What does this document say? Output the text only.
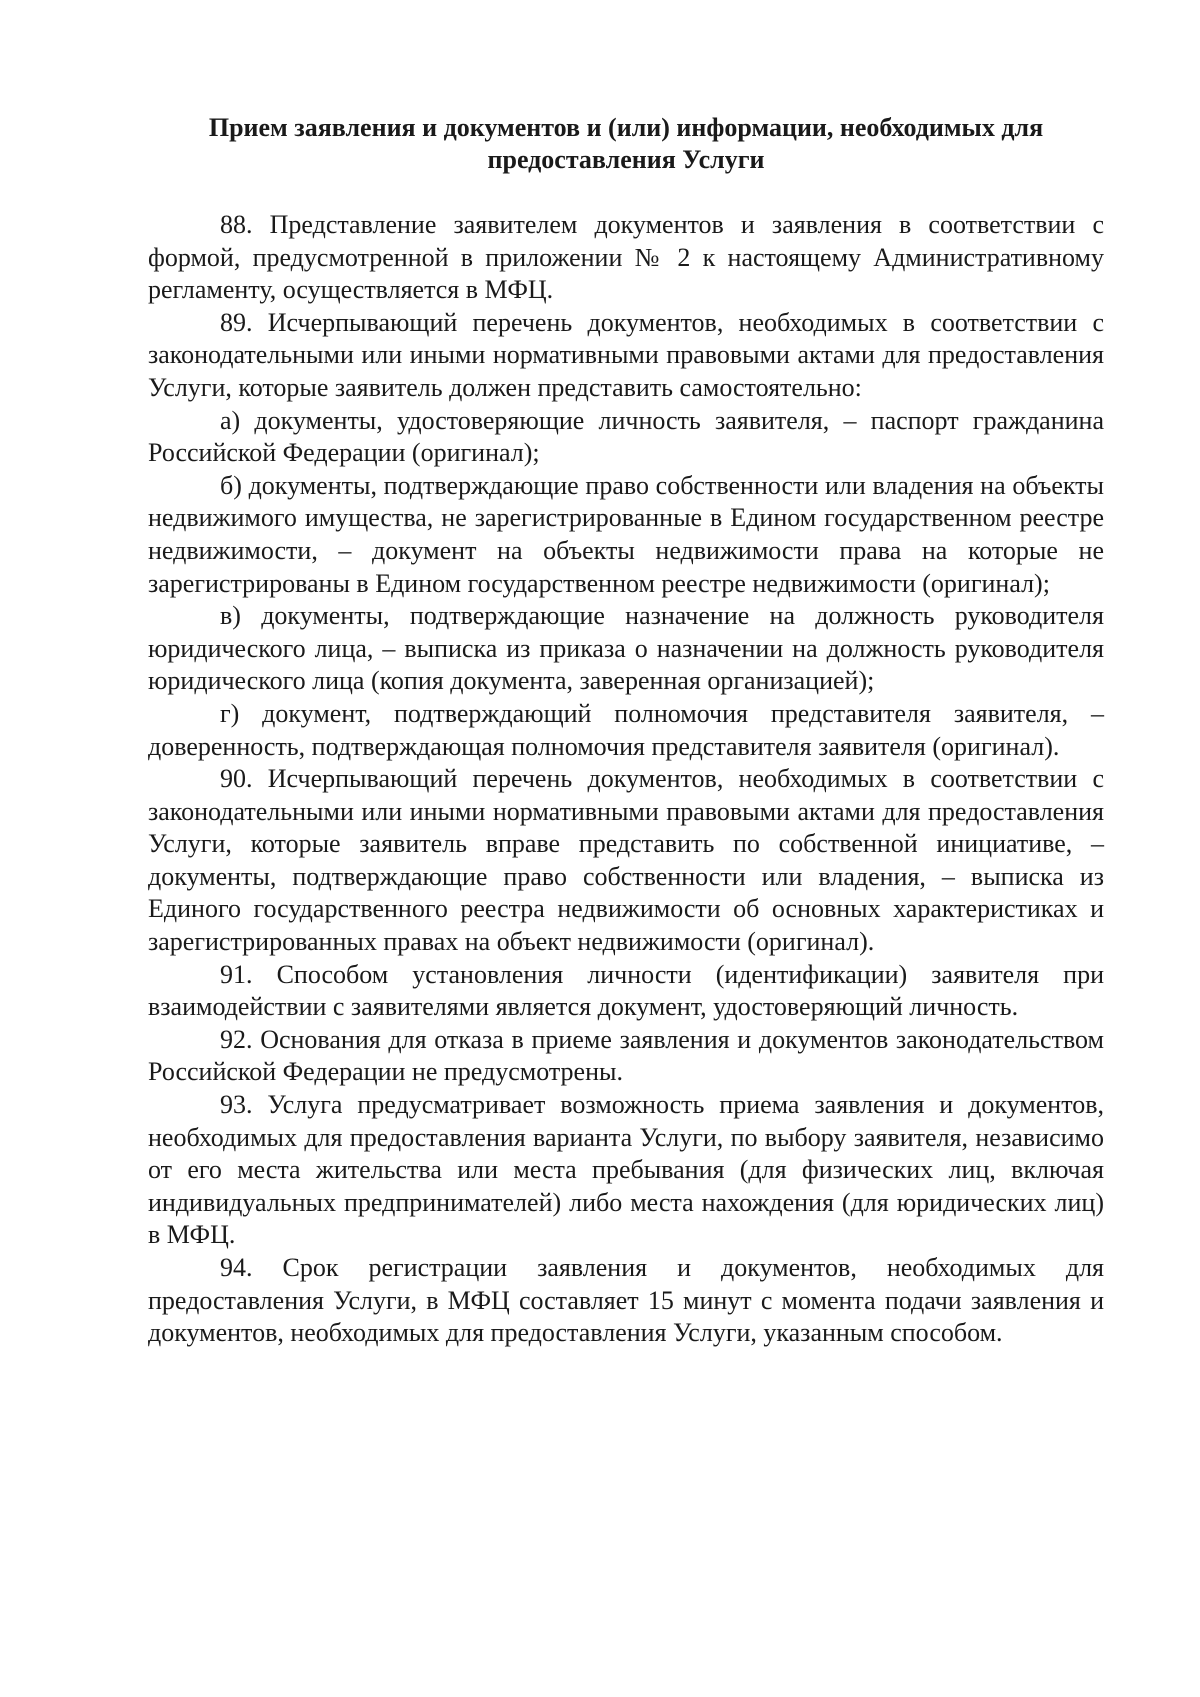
Прием заявления и документов и (или) информации, необходимых для
предоставления Услуги

88. Представление заявителем документов и заявления в соответствии с формой, предусмотренной в приложении № 2 к настоящему Административному регламенту, осуществляется в МФЦ.

89. Исчерпывающий перечень документов, необходимых в соответствии с законодательными или иными нормативными правовыми актами для предоставления Услуги, которые заявитель должен представить самостоятельно:

а) документы, удостоверяющие личность заявителя, – паспорт гражданина Российской Федерации (оригинал);

б) документы, подтверждающие право собственности или владения на объекты недвижимого имущества, не зарегистрированные в Едином государственном реестре недвижимости, – документ на объекты недвижимости права на которые не зарегистрированы в Едином государственном реестре недвижимости (оригинал);

в) документы, подтверждающие назначение на должность руководителя юридического лица, – выписка из приказа о назначении на должность руководителя юридического лица (копия документа, заверенная организацией);

г) документ, подтверждающий полномочия представителя заявителя, – доверенность, подтверждающая полномочия представителя заявителя (оригинал).

90. Исчерпывающий перечень документов, необходимых в соответствии с законодательными или иными нормативными правовыми актами для предоставления Услуги, которые заявитель вправе представить по собственной инициативе, – документы, подтверждающие право собственности или владения, – выписка из Единого государственного реестра недвижимости об основных характеристиках и зарегистрированных правах на объект недвижимости (оригинал).

91. Способом установления личности (идентификации) заявителя при взаимодействии с заявителями является документ, удостоверяющий личность.

92. Основания для отказа в приеме заявления и документов законодательством Российской Федерации не предусмотрены.

93. Услуга предусматривает возможность приема заявления и документов, необходимых для предоставления варианта Услуги, по выбору заявителя, независимо от его места жительства или места пребывания (для физических лиц, включая индивидуальных предпринимателей) либо места нахождения (для юридических лиц) в МФЦ.

94. Срок регистрации заявления и документов, необходимых для предоставления Услуги, в МФЦ составляет 15 минут с момента подачи заявления и документов, необходимых для предоставления Услуги, указанным способом.
